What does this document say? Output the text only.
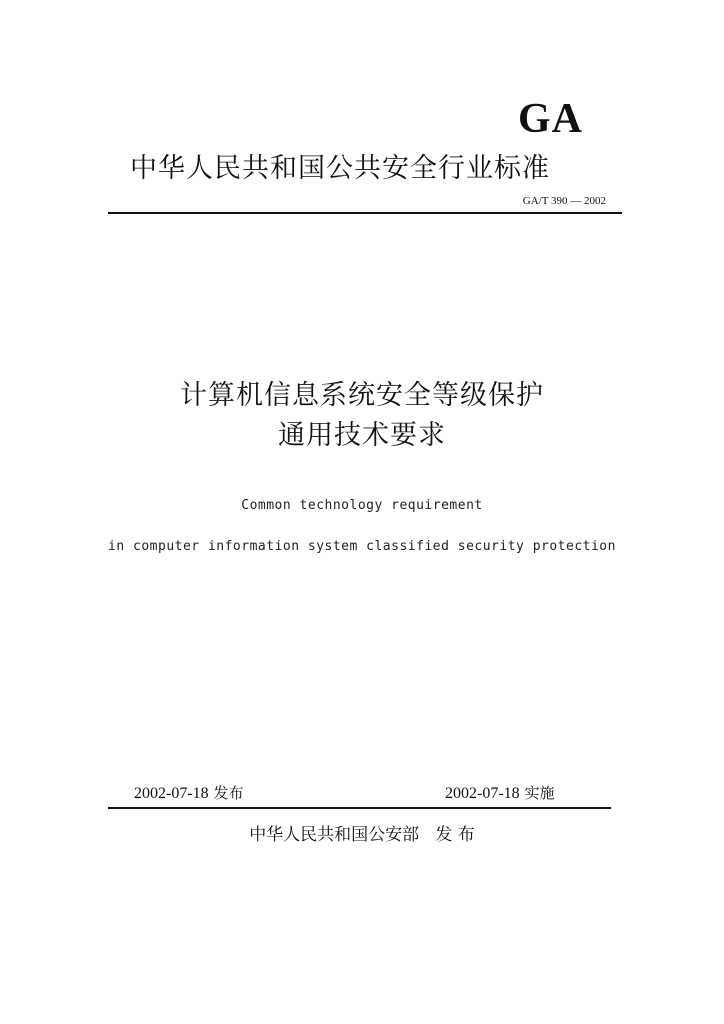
GA
中华人民共和国公共安全行业标准
GA/T 390 — 2002
计算机信息系统安全等级保护
通用技术要求
Common technology requirement
in computer information system classified security protection
2002-07-18 发布	2002-07-18 实施
中华人民共和国公安部 发 布
